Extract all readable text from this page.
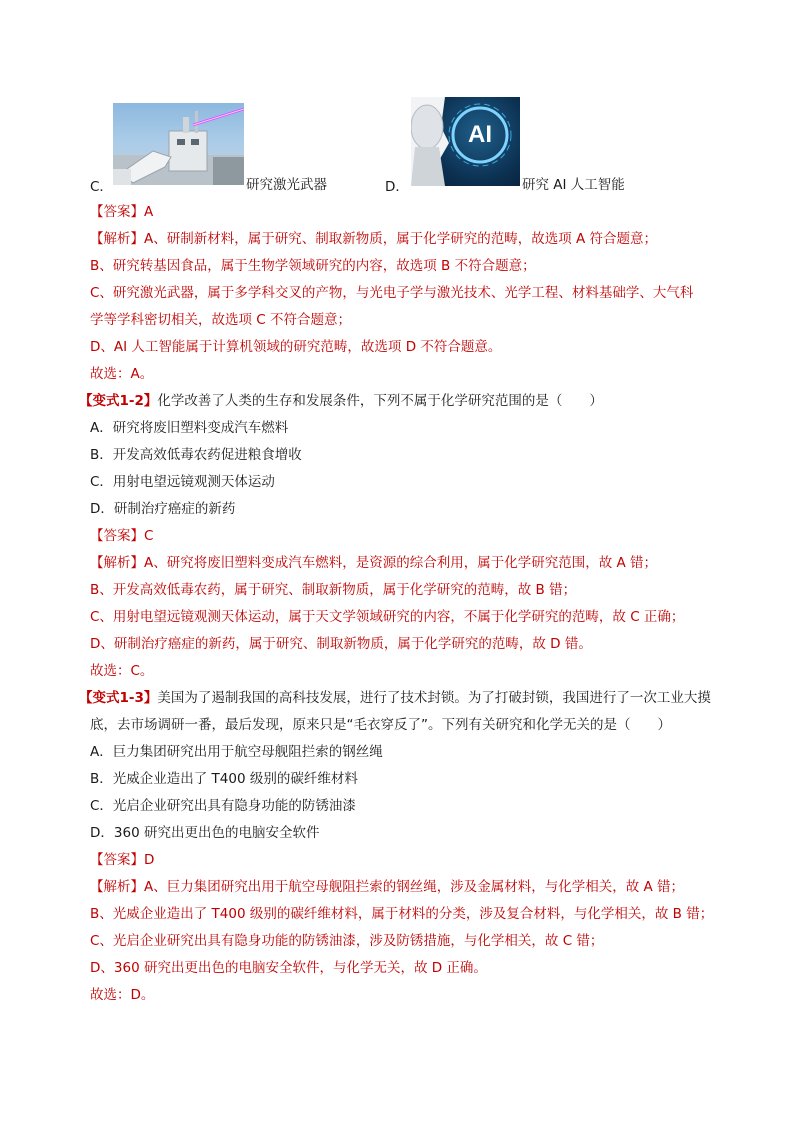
C．	研究激光武器	D．
AI
研究 AI 人工智能
【答案】A
【解析】A、研制新材料，属于研究、制取新物质，属于化学研究的范畴，故选项 A 符合题意；
B、研究转基因食品，属于生物学领域研究的内容，故选项 B 不符合题意；
C、研究激光武器，属于多学科交叉的产物，与光电子学与激光技术、光学工程、材料基础学、大气科
学等学科密切相关，故选项 C 不符合题意；
D、AI 人工智能属于计算机领域的研究范畴，故选项 D 不符合题意。
故选：A。
【变式1-2】化学改善了人类的生存和发展条件，下列不属于化学研究范围的是（　　）
A．研究将废旧塑料变成汽车燃料
B．开发高效低毒农药促进粮食增收
C．用射电望远镜观测天体运动
D．研制治疗癌症的新药
【答案】C
【解析】A、研究将废旧塑料变成汽车燃料，是资源的综合利用，属于化学研究范围，故 A 错；
B、开发高效低毒农药，属于研究、制取新物质，属于化学研究的范畴，故 B 错；
C、用射电望远镜观测天体运动，属于天文学领域研究的内容，不属于化学研究的范畴，故 C 正确；
D、研制治疗癌症的新药，属于研究、制取新物质，属于化学研究的范畴，故 D 错。
故选：C。
【变式1-3】美国为了遏制我国的高科技发展，进行了技术封锁。为了打破封锁，我国进行了一次工业大摸
底，去市场调研一番，最后发现，原来只是“毛衣穿反了”。下列有关研究和化学无关的是（　　）
A．巨力集团研究出用于航空母舰阻拦索的钢丝绳
B．光威企业造出了 T400 级别的碳纤维材料
C．光启企业研究出具有隐身功能的防锈油漆
D．360 研究出更出色的电脑安全软件
【答案】D
【解析】A、巨力集团研究出用于航空母舰阻拦索的钢丝绳，涉及金属材料，与化学相关，故 A 错；
B、光威企业造出了 T400 级别的碳纤维材料，属于材料的分类，涉及复合材料，与化学相关，故 B 错；
C、光启企业研究出具有隐身功能的防锈油漆，涉及防锈措施，与化学相关，故 C 错；
D、360 研究出更出色的电脑安全软件，与化学无关，故 D 正确。
故选：D。
